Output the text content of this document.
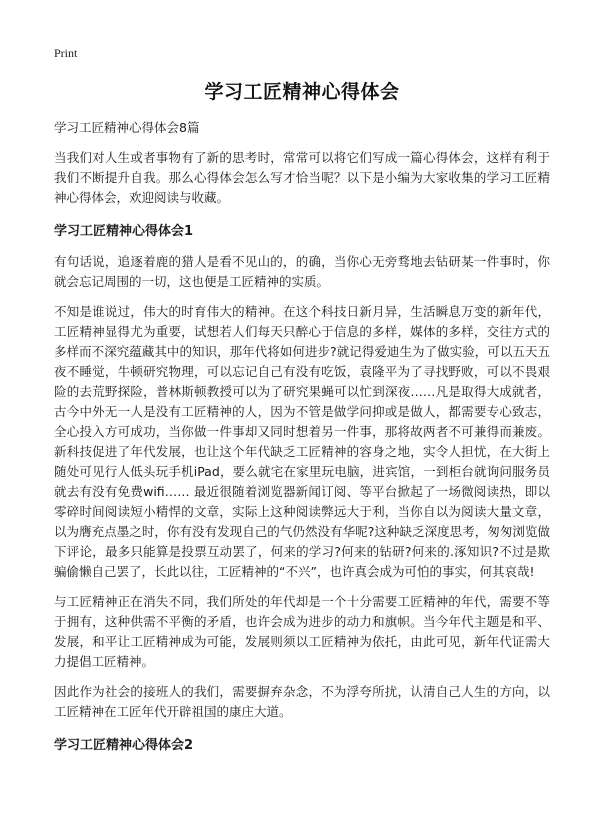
Print
学习工匠精神心得体会
学习工匠精神心得体会8篇

当我们对人生或者事物有了新的思考时，常常可以将它们写成一篇心得体会，这样有利于我们不断提升自我。那么心得体会怎么写才恰当呢？以下是小编为大家收集的学习工匠精神心得体会，欢迎阅读与收藏。

学习工匠精神心得体会1

有句话说，追逐着鹿的猎人是看不见山的，的确，当你心无旁骛地去钻研某一件事时，你就会忘记周围的一切，这也便是工匠精神的实质。

不知是谁说过，伟大的时育伟大的精神。在这个科技日新月异，生活瞬息万变的新年代，工匠精神显得尤为重要，试想若人们每天只醉心于信息的多样，媒体的多样，交往方式的多样而不深究蕴藏其中的知识，那年代将如何进步?就记得爱迪生为了做实验，可以五天五夜不睡觉，牛顿研究物理，可以忘记自己有没有吃饭，袁隆平为了寻找野败，可以不畏艰险的去荒野探险，普林斯顿教授可以为了研究果蝇可以忙到深夜……凡是取得大成就者，古今中外无一人是没有工匠精神的人，因为不管是做学问抑或是做人，都需要专心致志，全心投入方可成功，当你做一件事却又同时想着另一件事，那将故两者不可兼得而兼废。新科技促进了年代发展，也让这个年代缺乏工匠精神的容身之地，实令人担忧，在大街上随处可见行人低头玩手机iPad，要么就宅在家里玩电脑，进宾馆，一到柜台就询问服务员就去有没有免费wifi…… 最近很随着浏览器新闻订阅、等平台掀起了一场微阅读热，即以零碎时间阅读短小精悍的文章，实际上这种阅读弊远大于利，当你自以为阅读大量文章，以为膺充点墨之时，你有没有发现自己的气仍然没有华呢?这种缺乏深度思考，匆匆浏览做下评论，最多只能算是投票互动罢了，何来的学习?何来的钻研?何来的.涿知识?不过是欺骗偷懒自己罢了，长此以往，工匠精神的“不兴”，也许真会成为可怕的事实，何其哀哉!

与工匠精神正在消失不同，我们所处的年代却是一个十分需要工匠精神的年代，需要不等于拥有，这种供需不平衡的矛盾，也许会成为进步的动力和旗帜。当今年代主题是和平、发展，和平让工匠精神成为可能，发展则须以工匠精神为依托，由此可见，新年代证需大力提倡工匠精神。

因此作为社会的接班人的我们，需要摒弃杂念，不为浮夸所扰，认清自己人生的方向，以工匠精神在工匠年代开辟祖国的康庄大道。

学习工匠精神心得体会2
